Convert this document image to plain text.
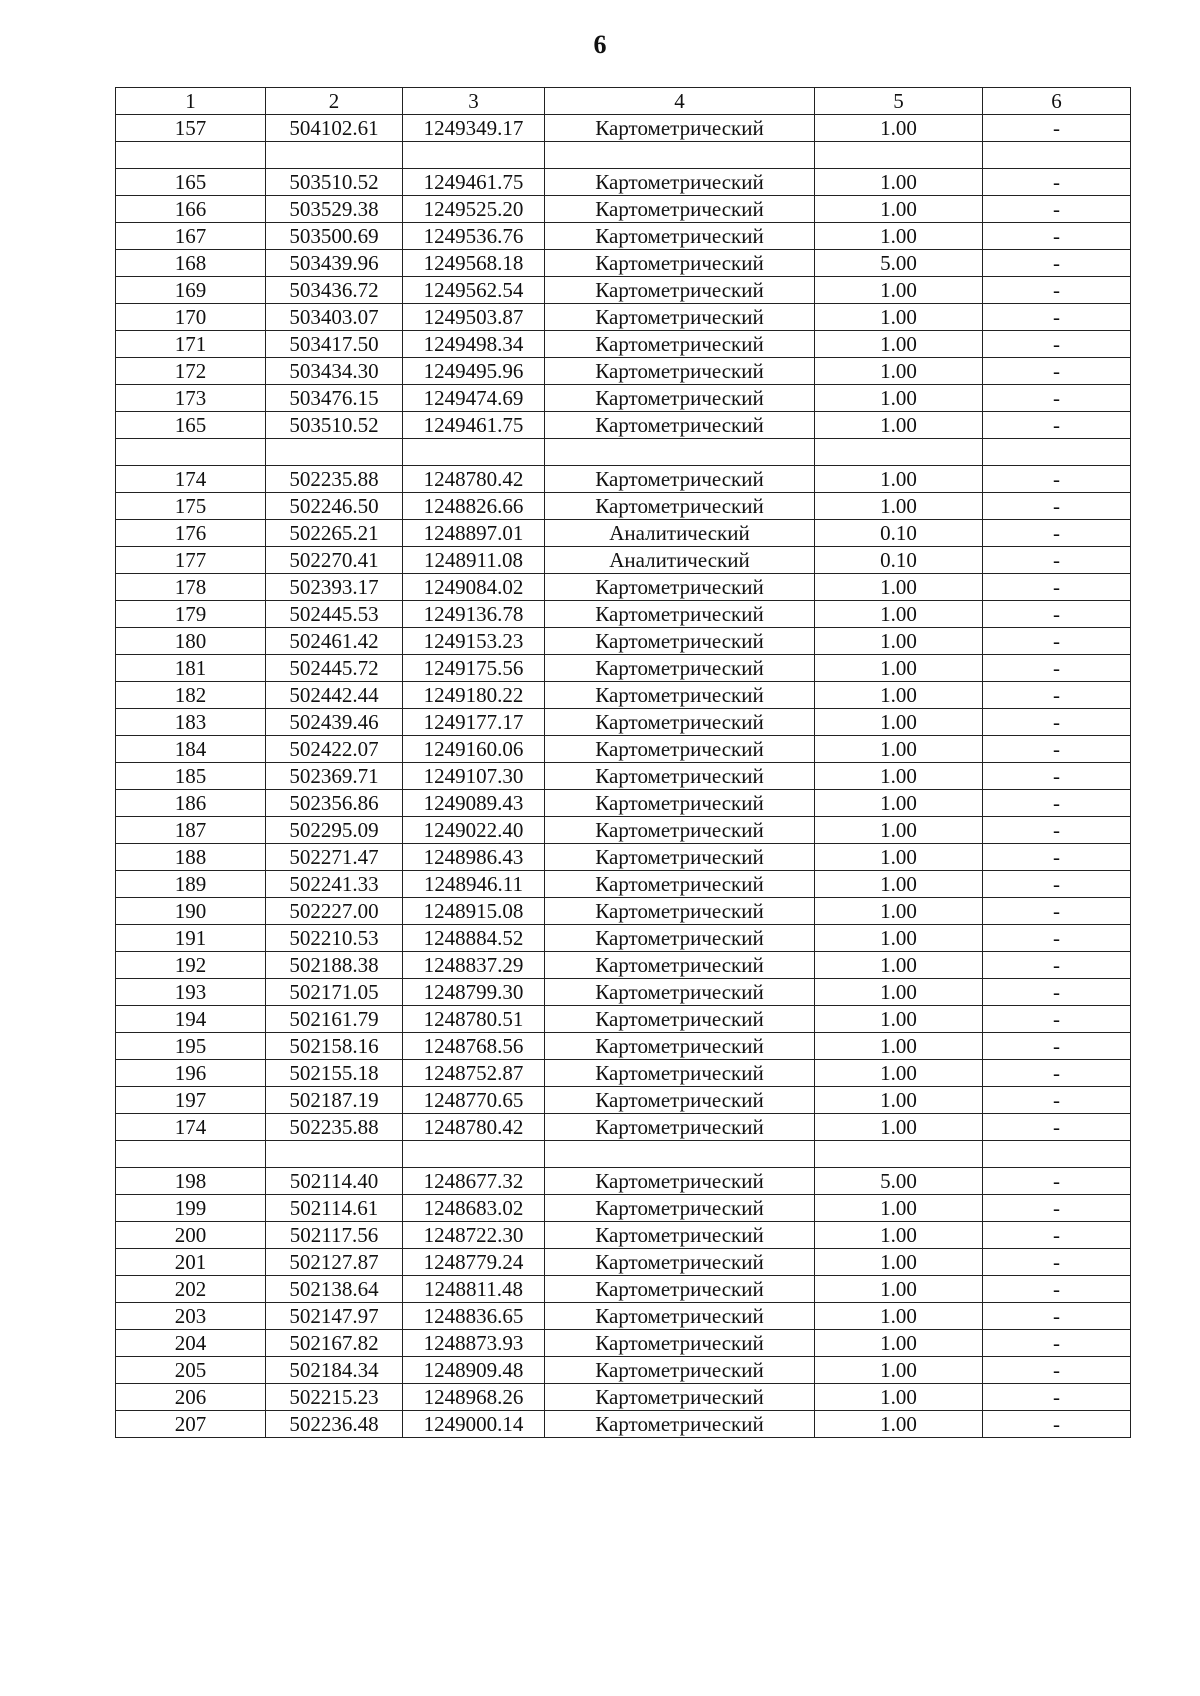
6
1	2	3	4	5	6
157	504102.61	1249349.17	Картометрический	1.00	-

165	503510.52	1249461.75	Картометрический	1.00	-
166	503529.38	1249525.20	Картометрический	1.00	-
167	503500.69	1249536.76	Картометрический	1.00	-
168	503439.96	1249568.18	Картометрический	5.00	-
169	503436.72	1249562.54	Картометрический	1.00	-
170	503403.07	1249503.87	Картометрический	1.00	-
171	503417.50	1249498.34	Картометрический	1.00	-
172	503434.30	1249495.96	Картометрический	1.00	-
173	503476.15	1249474.69	Картометрический	1.00	-
165	503510.52	1249461.75	Картометрический	1.00	-

174	502235.88	1248780.42	Картометрический	1.00	-
175	502246.50	1248826.66	Картометрический	1.00	-
176	502265.21	1248897.01	Аналитический	0.10	-
177	502270.41	1248911.08	Аналитический	0.10	-
178	502393.17	1249084.02	Картометрический	1.00	-
179	502445.53	1249136.78	Картометрический	1.00	-
180	502461.42	1249153.23	Картометрический	1.00	-
181	502445.72	1249175.56	Картометрический	1.00	-
182	502442.44	1249180.22	Картометрический	1.00	-
183	502439.46	1249177.17	Картометрический	1.00	-
184	502422.07	1249160.06	Картометрический	1.00	-
185	502369.71	1249107.30	Картометрический	1.00	-
186	502356.86	1249089.43	Картометрический	1.00	-
187	502295.09	1249022.40	Картометрический	1.00	-
188	502271.47	1248986.43	Картометрический	1.00	-
189	502241.33	1248946.11	Картометрический	1.00	-
190	502227.00	1248915.08	Картометрический	1.00	-
191	502210.53	1248884.52	Картометрический	1.00	-
192	502188.38	1248837.29	Картометрический	1.00	-
193	502171.05	1248799.30	Картометрический	1.00	-
194	502161.79	1248780.51	Картометрический	1.00	-
195	502158.16	1248768.56	Картометрический	1.00	-
196	502155.18	1248752.87	Картометрический	1.00	-
197	502187.19	1248770.65	Картометрический	1.00	-
174	502235.88	1248780.42	Картометрический	1.00	-

198	502114.40	1248677.32	Картометрический	5.00	-
199	502114.61	1248683.02	Картометрический	1.00	-
200	502117.56	1248722.30	Картометрический	1.00	-
201	502127.87	1248779.24	Картометрический	1.00	-
202	502138.64	1248811.48	Картометрический	1.00	-
203	502147.97	1248836.65	Картометрический	1.00	-
204	502167.82	1248873.93	Картометрический	1.00	-
205	502184.34	1248909.48	Картометрический	1.00	-
206	502215.23	1248968.26	Картометрический	1.00	-
207	502236.48	1249000.14	Картометрический	1.00	-
